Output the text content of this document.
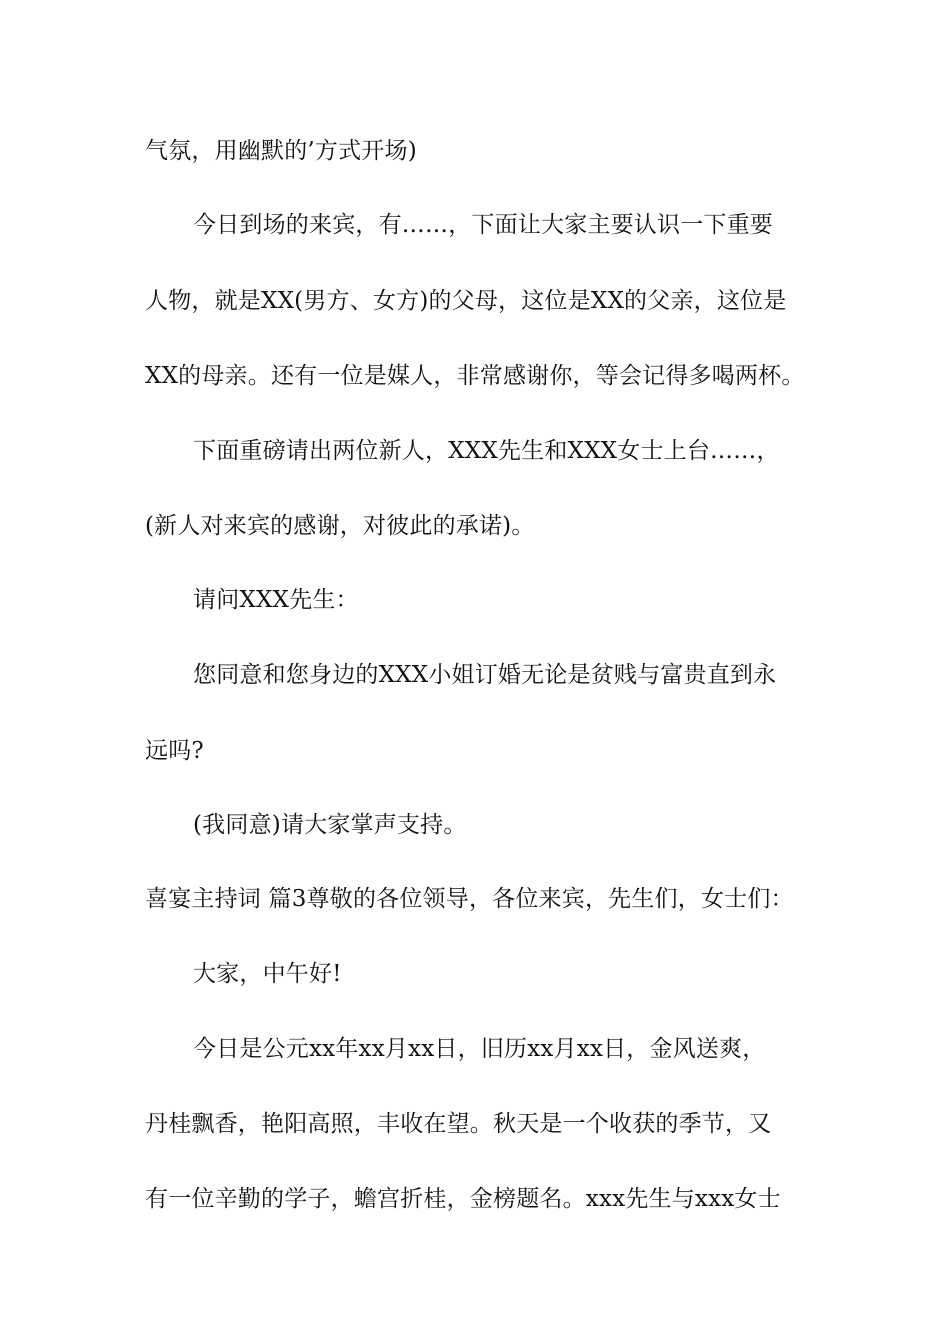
气氛，用幽默的’方式开场)
今日到场的来宾，有……，下面让大家主要认识一下重要
人物，就是XX(男方、女方)的父母，这位是XX的父亲，这位是
XX的母亲。还有一位是媒人，非常感谢你，等会记得多喝两杯。
下面重磅请出两位新人，XXX先生和XXX女士上台……，
(新人对来宾的感谢，对彼此的承诺)。
请问XXX先生：
您同意和您身边的XXX小姐订婚无论是贫贱与富贵直到永
远吗?
(我同意)请大家掌声支持。
喜宴主持词 篇3尊敬的各位领导，各位来宾，先生们，女士们：
大家，中午好!
今日是公元xx年xx月xx日，旧历xx月xx日，金风送爽，
丹桂飘香，艳阳高照，丰收在望。秋天是一个收获的季节，又
有一位辛勤的学子，蟾宫折桂，金榜题名。xxx先生与xxx女士
